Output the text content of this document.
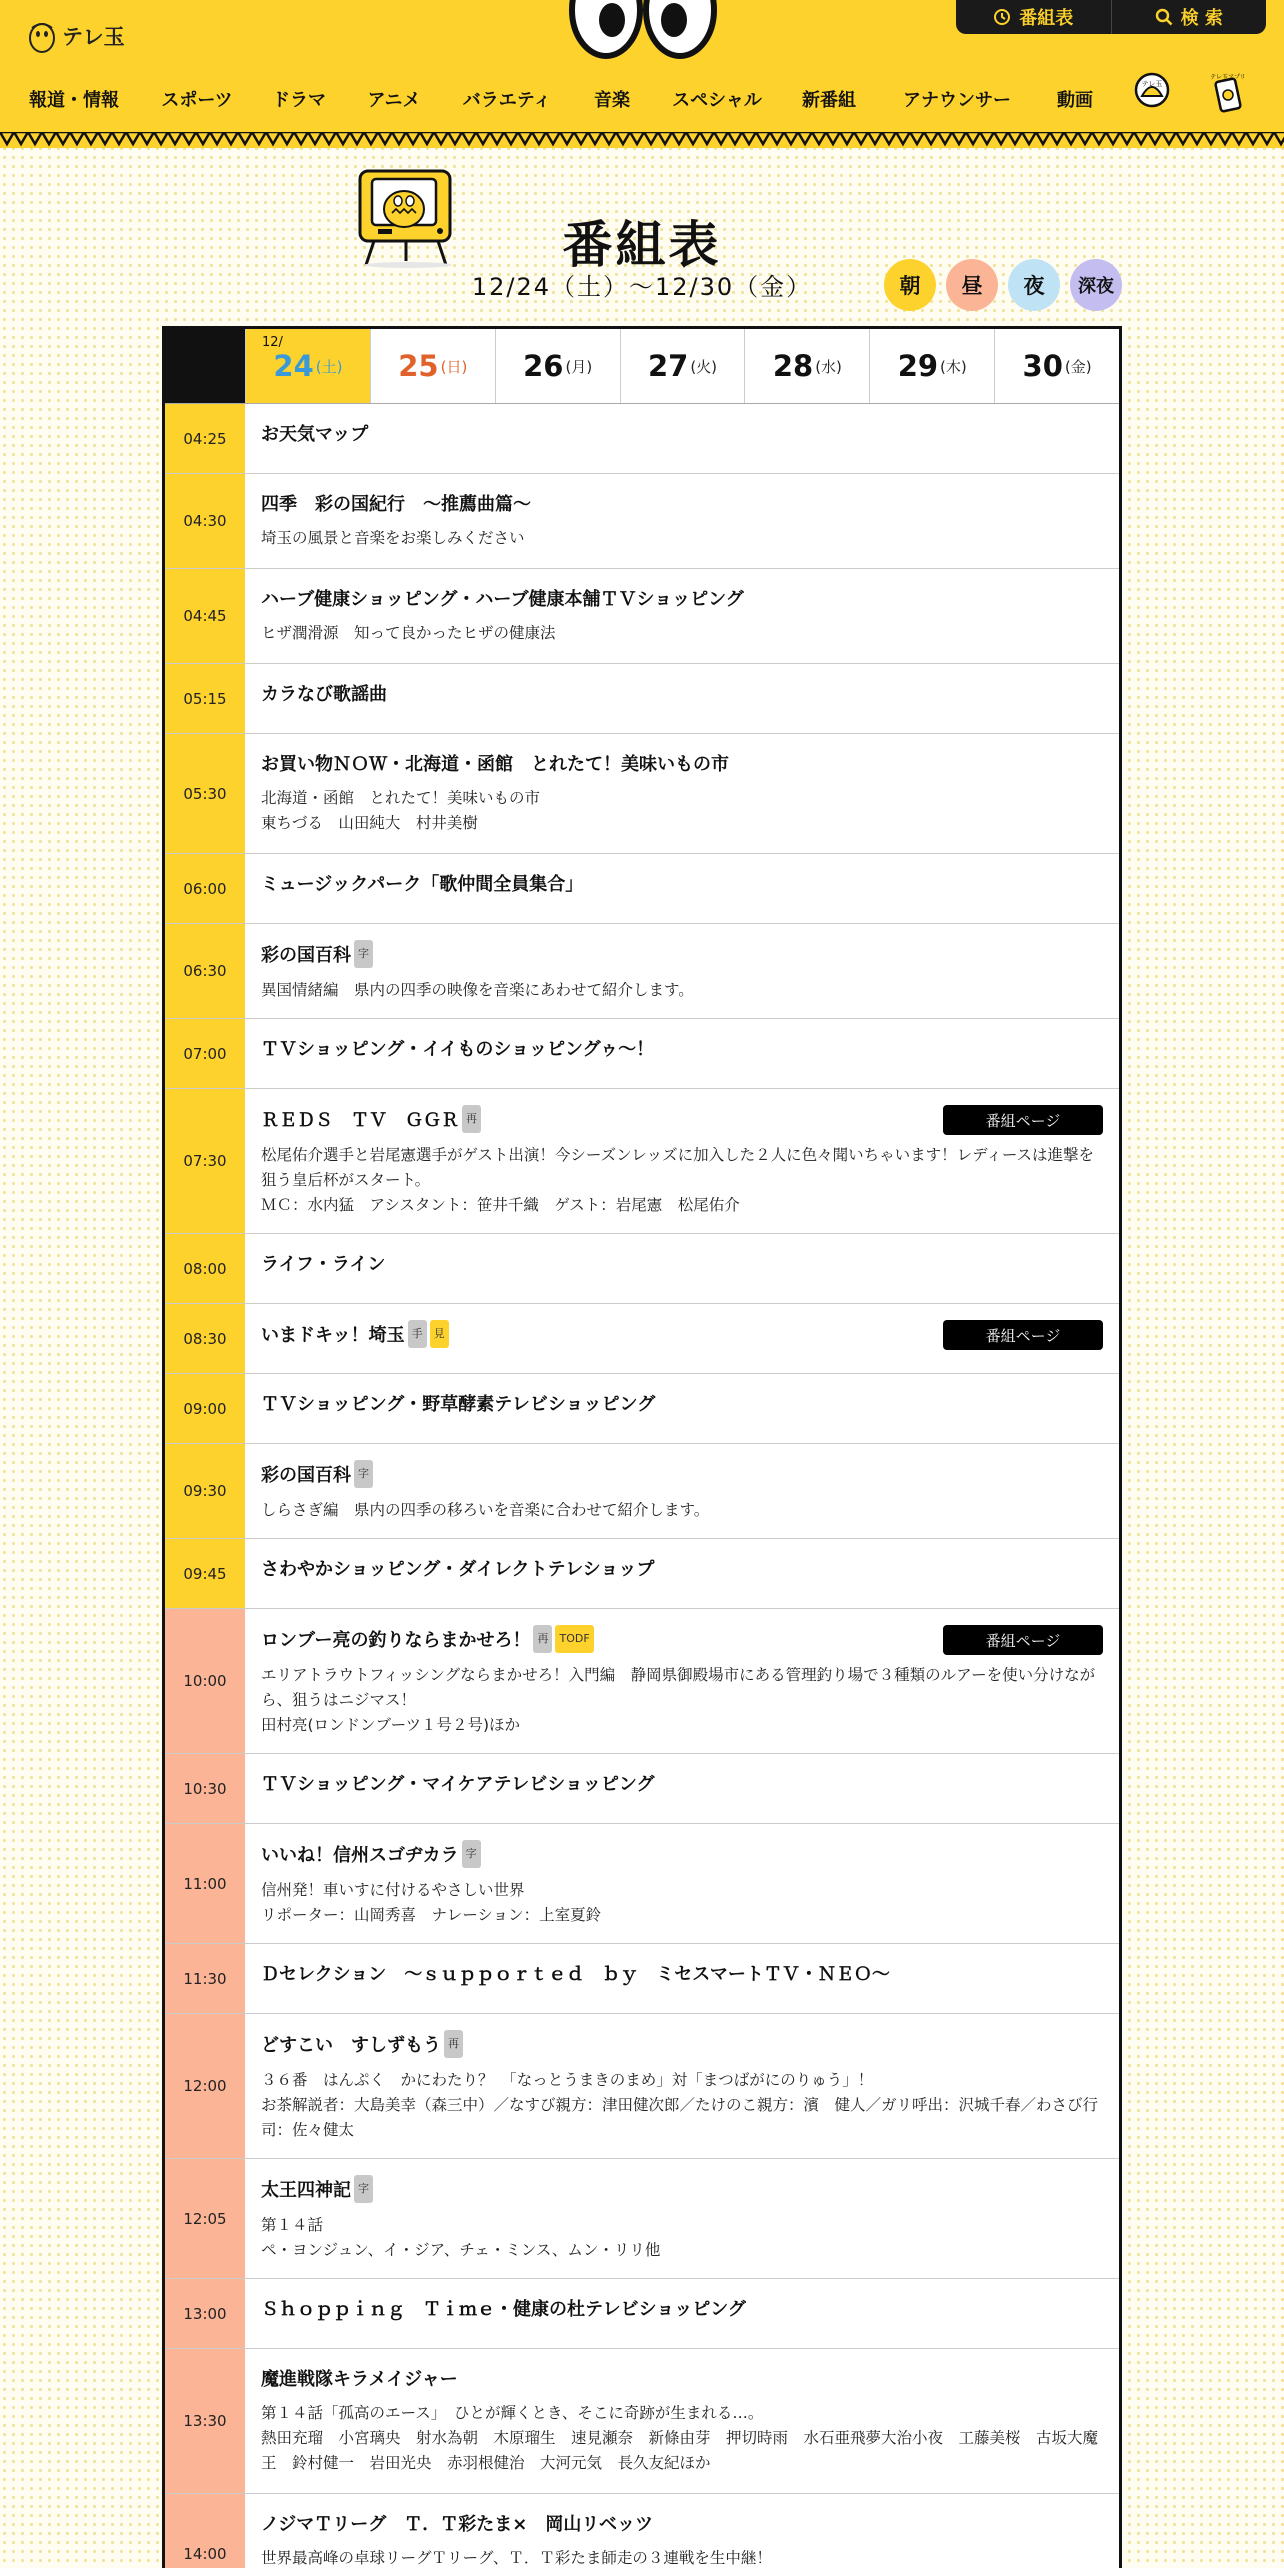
テレ玉
番組表	検 索
報道・情報 スポーツ ドラマ アニメ バラエティ 音楽 スペシャル 新番組	アナウンサー	動画
テレ玉
テレ玉アプリ
番組表
12/24（土）〜12/30（金）	朝	昼	夜	深夜
12/
24 (土) 25 (日) 26 (月) 27 (火) 28 (水) 29 (木) 30 (金)
04:25	お天気マップ
04:30
四季　彩の国紀行　～推薦曲篇～
埼玉の風景と音楽をお楽しみください
04:45
ハーブ健康ショッピング・ハーブ健康本舗ＴＶショッピング
ヒザ潤滑源　知って良かったヒザの健康法
05:15	カラなび歌謡曲
05:30
お買い物ＮＯＷ・北海道・函館　とれたて！美味いもの市
北海道・函館　とれたて！美味いもの市
東ちづる　山田純大　村井美樹
06:00	ミュージックパーク「歌仲間全員集合」
06:30
彩の国百科 字
異国情緒編　県内の四季の映像を音楽にあわせて紹介します。
07:00	ＴＶショッピング・イイものショッピングゥ～！
07:30
ＲＥＤＳ　ＴＶ　ＧＧＲ 再
松尾佑介選手と岩尾憲選手がゲスト出演！今シーズンレッズに加入した２人に色々聞いちゃいます！レディースは進撃を狙う皇后杯がスタート。
ＭＣ：水内猛　アシスタント：笹井千織　ゲスト：岩尾憲　松尾佑介
番組ページ
08:00	ライフ・ライン
08:30	いまドキッ！埼玉 手 見	番組ページ
09:00	ＴＶショッピング・野草酵素テレビショッピング
09:30
彩の国百科 字
しらさぎ編　県内の四季の移ろいを音楽に合わせて紹介します。
09:45	さわやかショッピング・ダイレクトテレショップ
10:00
ロンブー亮の釣りならまかせろ！ 再 TODF
エリアトラウトフィッシングならまかせろ！入門編　静岡県御殿場市にある管理釣り場で３種類のルアーを使い分けながら、狙うはニジマス！
田村亮(ロンドンブーツ１号２号)ほか
番組ページ
10:30	ＴＶショッピング・マイケアテレビショッピング
11:00
いいね！信州スゴヂカラ 字
信州発！車いすに付けるやさしい世界
リポーター：山岡秀喜　ナレーション：上室夏鈴
11:30	Ｄセレクション　～ｓｕｐｐｏｒｔｅｄ　ｂｙ　ミセスマートＴＶ・ＮＥＯ～
12:00
どすこい　すしずもう 再
３６番　はんぷく　かにわたり？　「なっとうまきのまめ」対「まつばがにのりゅう」！
お茶解説者：大島美幸（森三中）／なすび親方：津田健次郎／たけのこ親方：濱　健人／ガリ呼出：沢城千春／わさび行司：佐々健太
12:05
太王四神記 字
第１４話
ペ・ヨンジュン、イ・ジア、チェ・ミンス、ムン・リリ他
13:00	Ｓｈｏｐｐｉｎｇ　Ｔｉｍｅ・健康の杜テレビショッピング
13:30
魔進戦隊キラメイジャー
第１４話「孤高のエース」　ひとが輝くとき、そこに奇跡が生まれる…。
熱田充瑠　小宮璃央　射水為朝　木原瑠生　速見瀬奈　新條由芽　押切時雨　水石亜飛夢大治小夜　工藤美桜　古坂大魔王　鈴村健一　岩田光央　赤羽根健治　大河元気　長久友紀ほか
14:00
ノジマＴリーグ　Ｔ．Ｔ彩たま×　岡山リベッツ
世界最高峰の卓球リーグＴリーグ、Ｔ．Ｔ彩たま師走の３連戦を生中継！
